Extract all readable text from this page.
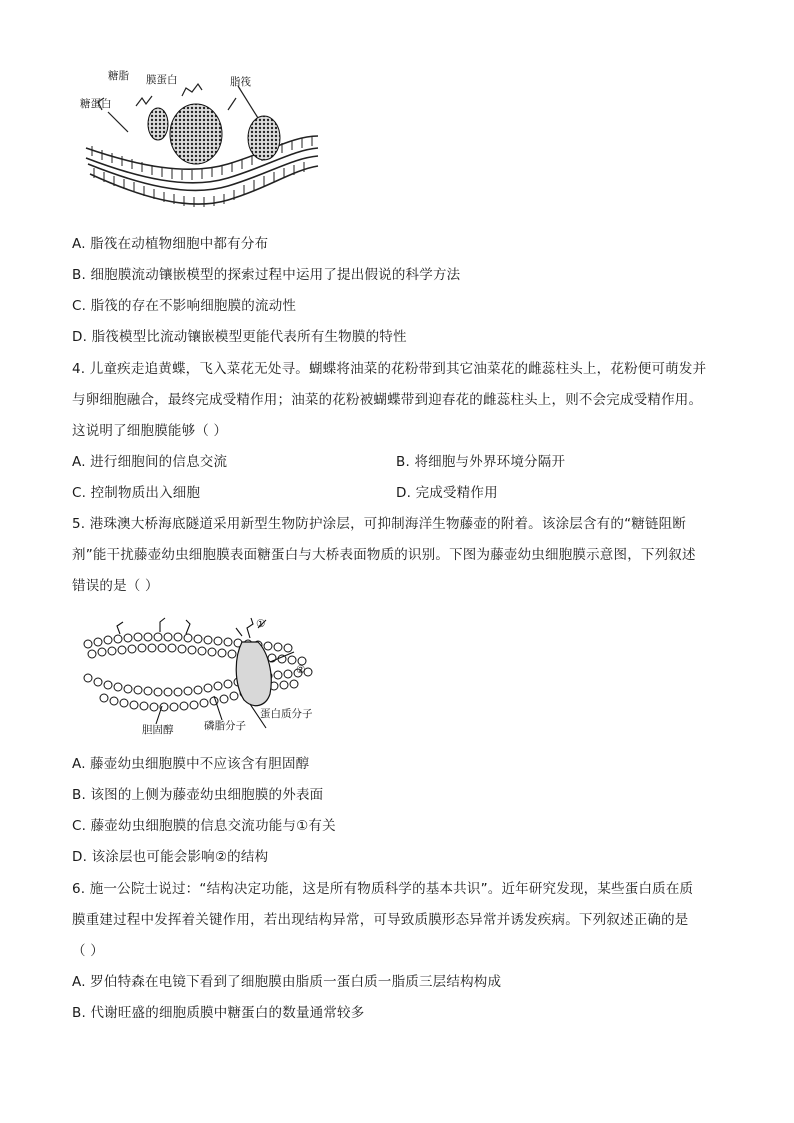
糖脂 膜蛋白	脂筏
糖蛋白
A. 脂筏在动植物细胞中都有分布
B. 细胞膜流动镶嵌模型的探索过程中运用了提出假说的科学方法
C. 脂筏的存在不影响细胞膜的流动性
D. 脂筏模型比流动镶嵌模型更能代表所有生物膜的特性
4. 儿童疾走追黄蝶，飞入菜花无处寻。蝴蝶将油菜的花粉带到其它油菜花的雌蕊柱头上，花粉便可萌发并
与卵细胞融合，最终完成受精作用；油菜的花粉被蝴蝶带到迎春花的雌蕊柱头上，则不会完成受精作用。
这说明了细胞膜能够（ ）
A. 进行细胞间的信息交流	B. 将细胞与外界环境分隔开
C. 控制物质出入细胞	D. 完成受精作用
5. 港珠澳大桥海底隧道采用新型生物防护涂层，可抑制海洋生物藤壶的附着。该涂层含有的“糖链阻断
剂”能干扰藤壶幼虫细胞膜表面糖蛋白与大桥表面物质的识别。下图为藤壶幼虫细胞膜示意图，下列叙述
错误的是（ ）
①
②
胆固醇	磷脂分子
蛋白质分子
A. 藤壶幼虫细胞膜中不应该含有胆固醇
B. 该图的上侧为藤壶幼虫细胞膜的外表面
C. 藤壶幼虫细胞膜的信息交流功能与①有关
D. 该涂层也可能会影响②的结构
6. 施一公院士说过：“结构决定功能，这是所有物质科学的基本共识”。近年研究发现，某些蛋白质在质
膜重建过程中发挥着关键作用，若出现结构异常，可导致质膜形态异常并诱发疾病。下列叙述正确的是
（ ）
A. 罗伯特森在电镜下看到了细胞膜由脂质一蛋白质一脂质三层结构构成
B. 代谢旺盛的细胞质膜中糖蛋白的数量通常较多
